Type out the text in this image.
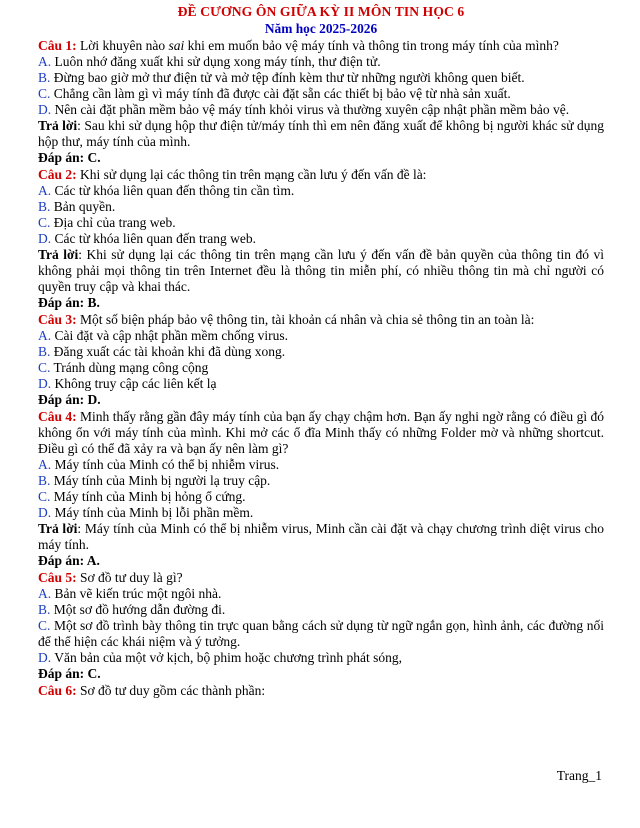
ĐỀ CƯƠNG ÔN GIỮA KỲ II MÔN TIN HỌC 6
Năm học 2025-2026

Câu 1: Lời khuyên nào sai khi em muốn bảo vệ máy tính và thông tin trong máy tính của mình?

A. Luôn nhớ đăng xuất khi sử dụng xong máy tính, thư điện tử.

B. Đừng bao giờ mở thư điện tử và mở tệp đính kèm thư từ những người không quen biết.

C. Chẳng cần làm gì vì máy tính đã được cài đặt sẵn các thiết bị bảo vệ từ nhà sản xuất.

D. Nên cài đặt phần mềm bảo vệ máy tính khỏi virus và thường xuyên cập nhật phần mềm bảo vệ.

Trả lời: Sau khi sử dụng hộp thư điện tử/máy tính thì em nên đăng xuất để không bị người khác sử dụng hộp thư, máy tính của mình.

Đáp án: C.

Câu 2: Khi sử dụng lại các thông tin trên mạng cần lưu ý đến vấn đề là:

A. Các từ khóa liên quan đến thông tin cần tìm.

B. Bản quyền.

C. Địa chỉ của trang web.

D. Các từ khóa liên quan đến trang web.

Trả lời: Khi sử dụng lại các thông tin trên mạng cần lưu ý đến vấn đề bản quyền của thông tin đó vì không phải mọi thông tin trên Internet đều là thông tin miễn phí, có nhiều thông tin mà chỉ người có quyền truy cập và khai thác.

Đáp án: B.

Câu 3: Một số biện pháp bảo vệ thông tin, tài khoản cá nhân và chia sẻ thông tin an toàn là:

A. Cài đặt và cập nhật phần mềm chống virus.

B. Đăng xuất các tài khoản khi đã dùng xong.

C. Tránh dùng mạng công cộng

D. Không truy cập các liên kết lạ

Đáp án: D.

Câu 4: Minh thấy rằng gần đây máy tính của bạn ấy chạy chậm hơn. Bạn ấy nghi ngờ rằng có điều gì đó không ổn với máy tính của mình. Khi mở các ổ đĩa Minh thấy có những Folder mờ và những shortcut. Điều gì có thể đã xảy ra và bạn ấy nên làm gì?

A. Máy tính của Minh có thể bị nhiễm virus.

B. Máy tính của Minh bị người lạ truy cập.

C. Máy tính của Minh bị hỏng ổ cứng.

D. Máy tính của Minh bị lỗi phần mềm.

Trả lời: Máy tính của Minh có thể bị nhiễm virus, Minh cần cài đặt và chạy chương trình diệt virus cho máy tính.

Đáp án: A.

Câu 5: Sơ đồ tư duy là gì?

A. Bản vẽ kiến trúc một ngôi nhà.

B. Một sơ đồ hướng dẫn đường đi.

C. Một sơ đồ trình bày thông tin trực quan bằng cách sử dụng từ ngữ ngắn gọn, hình ảnh, các đường nối để thể hiện các khái niệm và ý tưởng.

D. Văn bản của một vở kịch, bộ phim hoặc chương trình phát sóng,

Đáp án: C.

Câu 6: Sơ đồ tư duy gồm các thành phần:

Trang_1
